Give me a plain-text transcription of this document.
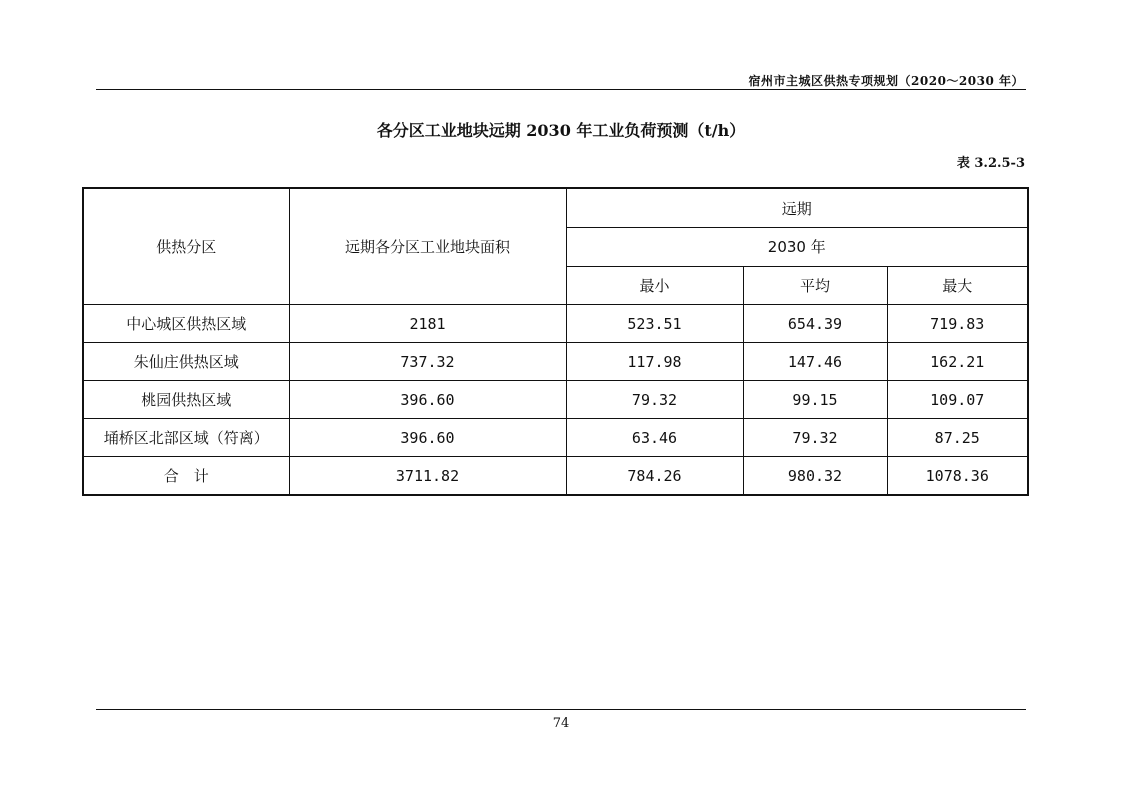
宿州市主城区供热专项规划（2020～2030 年）
各分区工业地块远期 2030 年工业负荷预测（t/h）
表 3.2.5-3
供热分区	远期各分区工业地块面积	远期		
		2030 年		
		最小	平均	最大
中心城区供热区域	2181	523.51	654.39	719.83
朱仙庄供热区域	737.32	117.98	147.46	162.21
桃园供热区域	396.60	79.32	99.15	109.07
埇桥区北部区域（符离）	396.60	63.46	79.32	87.25
合　计	3711.82	784.26	980.32	1078.36
74
